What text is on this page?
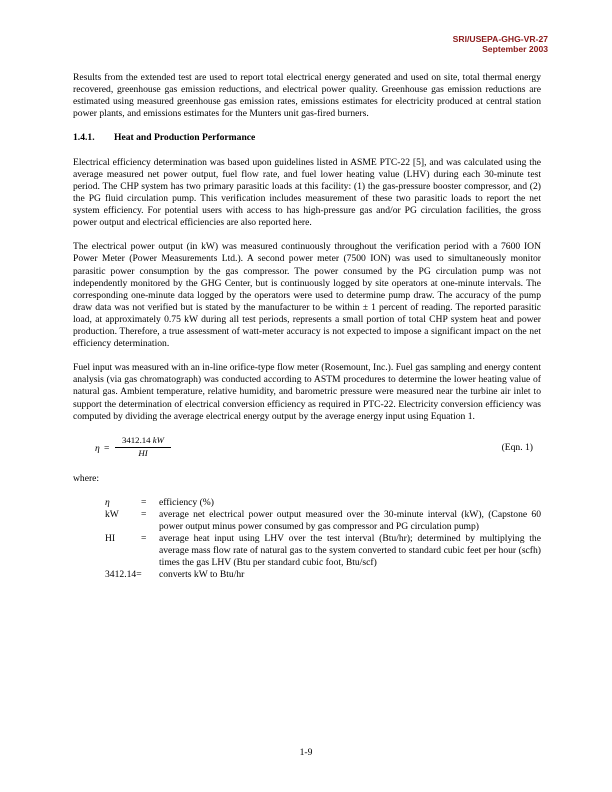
SRI/USEPA-GHG-VR-27
September 2003

Results from the extended test are used to report total electrical energy generated and used on site, total thermal energy recovered, greenhouse gas emission reductions, and electrical power quality. Greenhouse gas emission reductions are estimated using measured greenhouse gas emission rates, emissions estimates for electricity produced at central station power plants, and emissions estimates for the Munters unit gas-fired burners.

1.4.1. Heat and Production Performance

Electrical efficiency determination was based upon guidelines listed in ASME PTC-22 [5], and was calculated using the average measured net power output, fuel flow rate, and fuel lower heating value (LHV) during each 30-minute test period. The CHP system has two primary parasitic loads at this facility: (1) the gas-pressure booster compressor, and (2) the PG fluid circulation pump. This verification includes measurement of these two parasitic loads to report the net system efficiency. For potential users with access to has high-pressure gas and/or PG circulation facilities, the gross power output and electrical efficiencies are also reported here.

The electrical power output (in kW) was measured continuously throughout the verification period with a 7600 ION Power Meter (Power Measurements Ltd.). A second power meter (7500 ION) was used to simultaneously monitor parasitic power consumption by the gas compressor. The power consumed by the PG circulation pump was not independently monitored by the GHG Center, but is continuously logged by site operators at one-minute intervals. The corresponding one-minute data logged by the operators were used to determine pump draw. The accuracy of the pump draw data was not verified but is stated by the manufacturer to be within ± 1 percent of reading. The reported parasitic load, at approximately 0.75 kW during all test periods, represents a small portion of total CHP system heat and power production. Therefore, a true assessment of watt-meter accuracy is not expected to impose a significant impact on the net efficiency determination.

Fuel input was measured with an in-line orifice-type flow meter (Rosemount, Inc.). Fuel gas sampling and energy content analysis (via gas chromatograph) was conducted according to ASTM procedures to determine the lower heating value of natural gas. Ambient temperature, relative humidity, and barometric pressure were measured near the turbine air inlet to support the determination of electrical conversion efficiency as required in PTC-22. Electricity conversion efficiency was computed by dividing the average electrical energy output by the average energy input using Equation 1.

$\eta = \frac{3412.14 kW}{HI}$	(Eqn. 1)
where:
η	=	efficiency (%)
kW	=	average net electrical power output measured over the 30-minute interval (kW), (Capstone 60 power output minus power consumed by gas compressor and PG circulation pump)
HI	=	average heat input using LHV over the test interval (Btu/hr); determined by multiplying the average mass flow rate of natural gas to the system converted to standard cubic feet per hour (scfh) times the gas LHV (Btu per standard cubic foot, Btu/scf)
3412.14=	converts kW to Btu/hr
1-9
